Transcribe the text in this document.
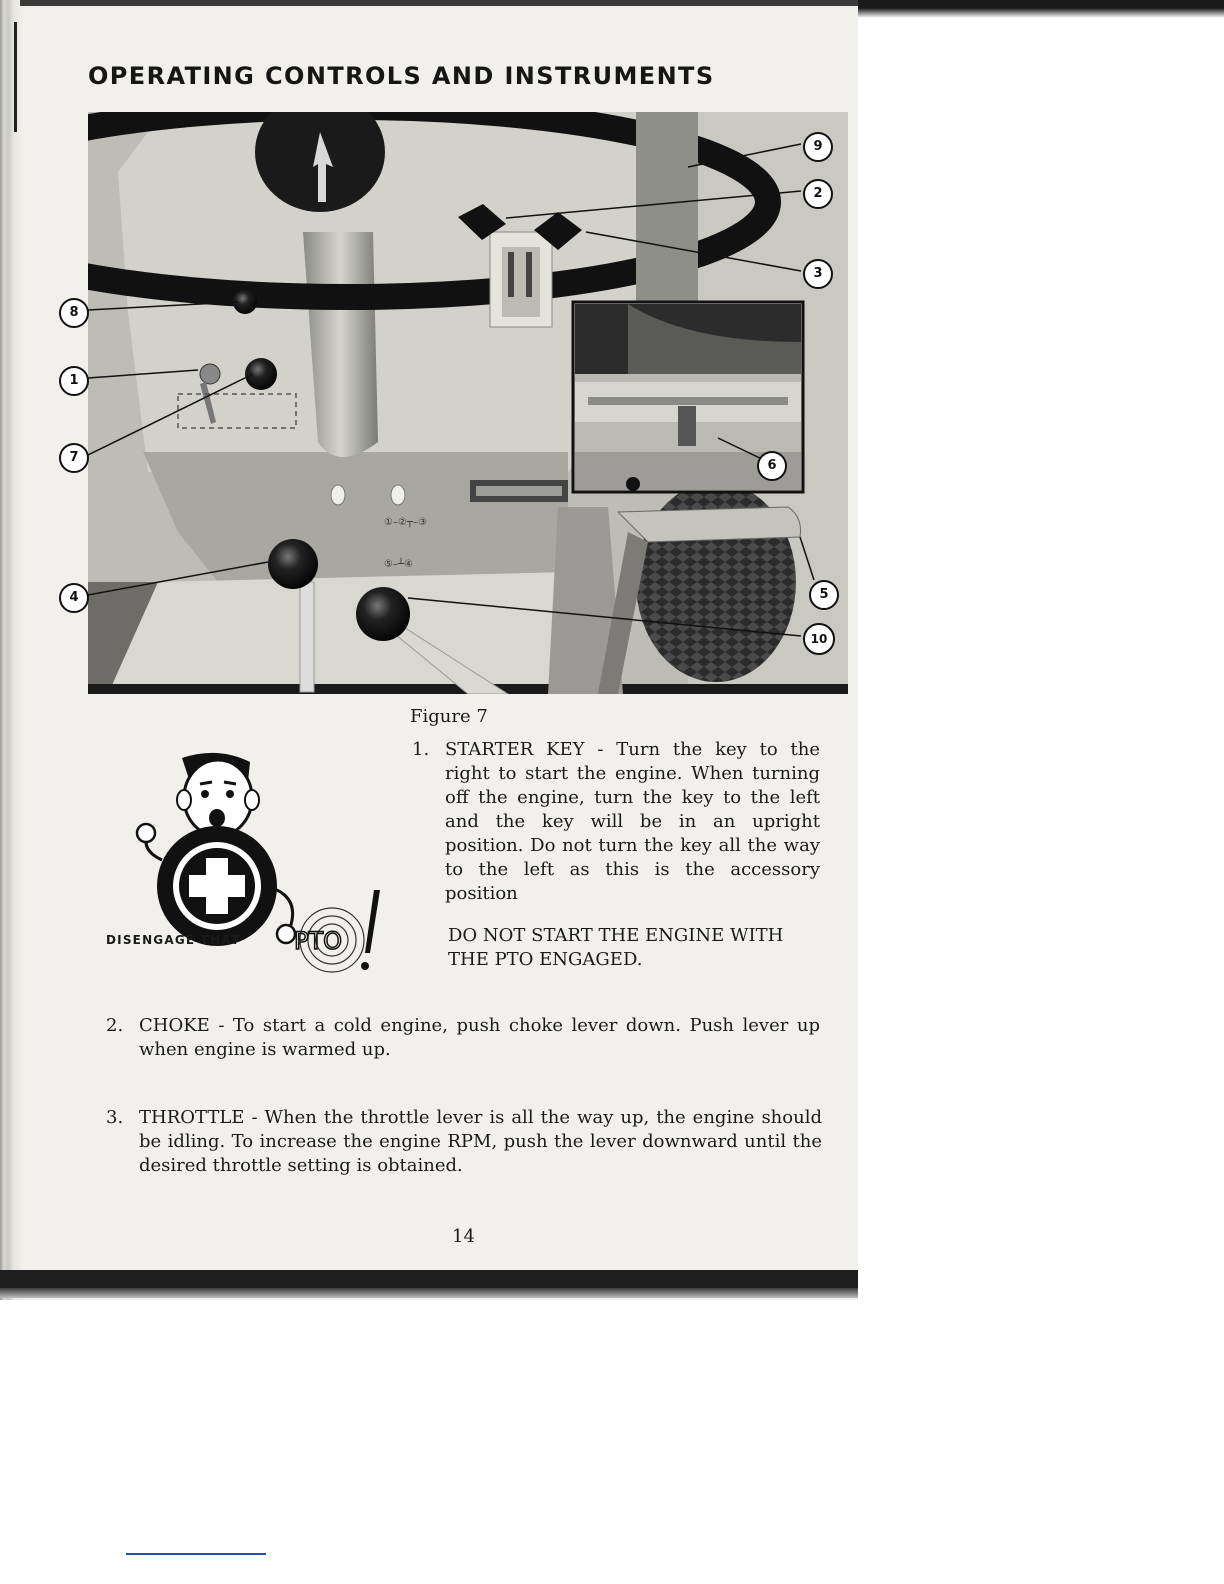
OPERATING CONTROLS AND INSTRUMENTS
①–②┬–③
⑤–┴④
9
2
3
8
1
7
6
5
4
10

Figure 7

PTO

DISENGAGE THAT

1. STARTER KEY - Turn the key to the right to start the engine. When turning off the engine, turn the key to the left and the key will be in an upright position. Do not turn the key all the way to the left as this is the accessory position

DO NOT START THE ENGINE WITH THE PTO ENGAGED.

2. CHOKE - To start a cold engine, push choke lever down. Push lever up when engine is warmed up.
3. THROTTLE - When the throttle lever is all the way up, the engine should be idling. To increase the engine RPM, push the lever downward until the desired throttle setting is obtained.

14
